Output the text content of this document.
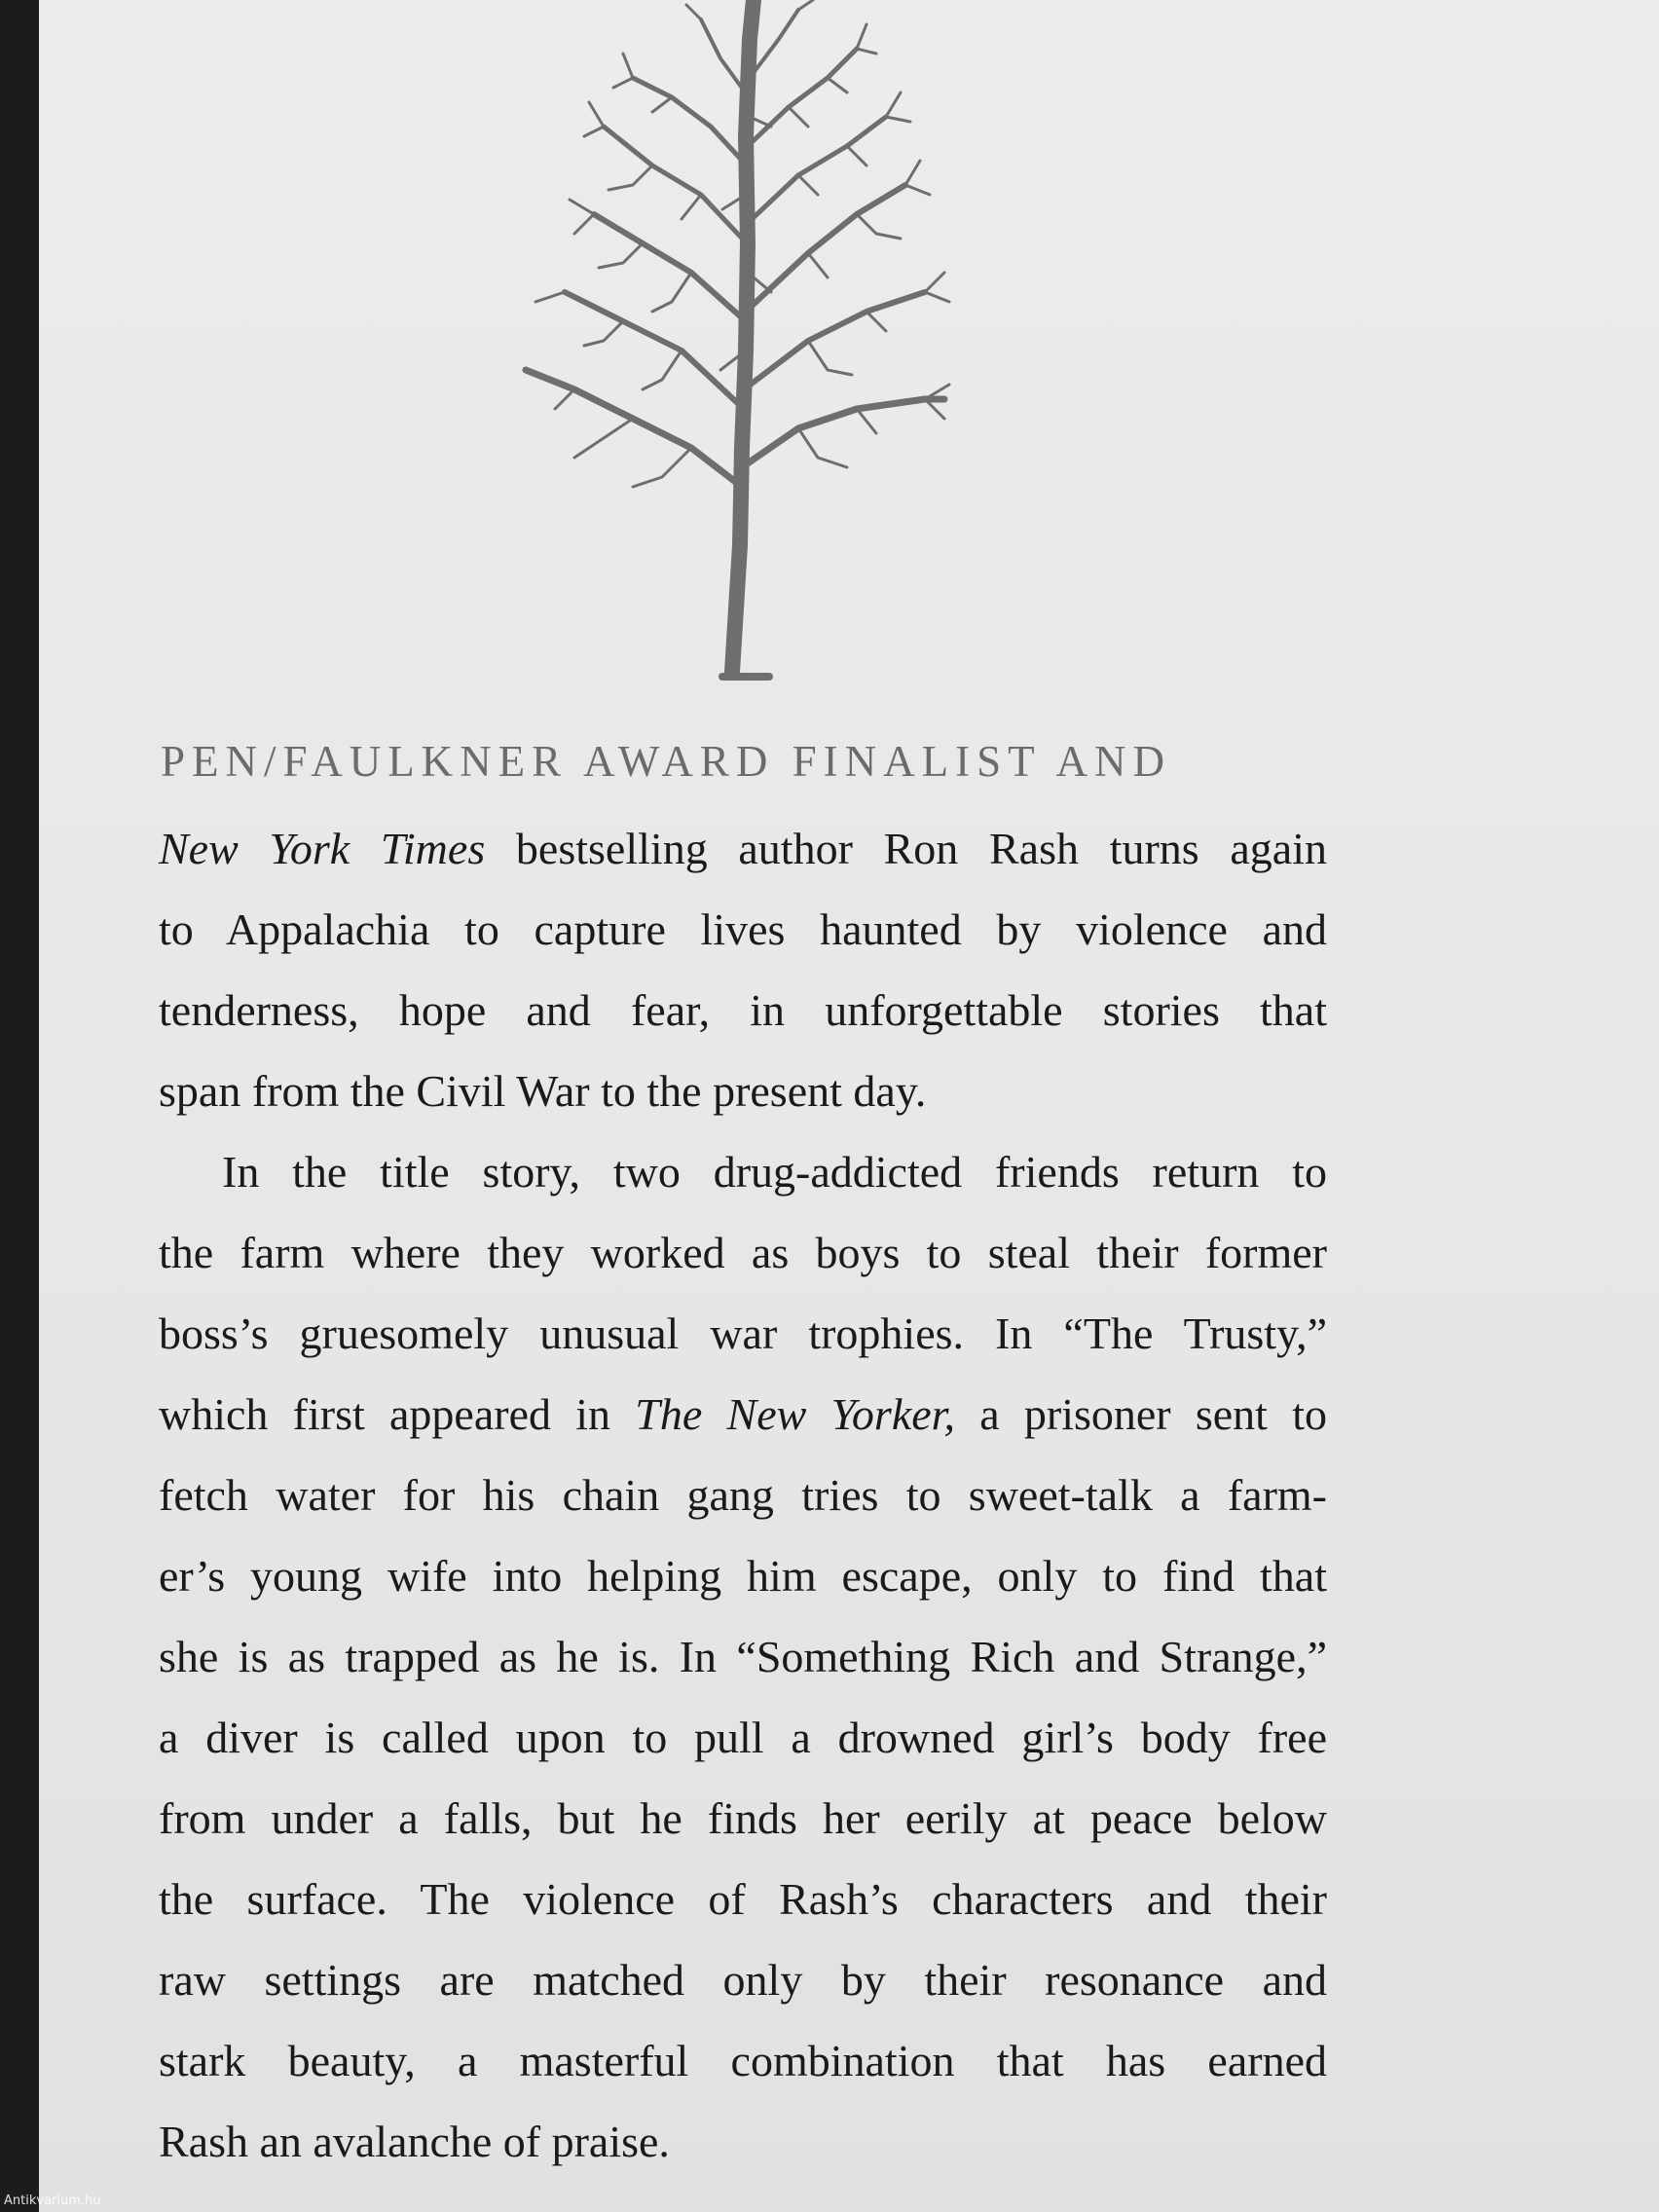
PEN/FAULKNER AWARD FINALIST AND
New York Times bestselling author Ron Rash turns again
to Appalachia to capture lives haunted by violence and
tenderness, hope and fear, in unforgettable stories that
span from the Civil War to the present day.
In the title story, two drug-addicted friends return to
the farm where they worked as boys to steal their former
boss’s gruesomely unusual war trophies. In “The Trusty,”
which first appeared in The New Yorker, a prisoner sent to
fetch water for his chain gang tries to sweet-talk a farm-
er’s young wife into helping him escape, only to find that
she is as trapped as he is. In “Something Rich and Strange,”
a diver is called upon to pull a drowned girl’s body free
from under a falls, but he finds her eerily at peace below
the surface. The violence of Rash’s characters and their
raw settings are matched only by their resonance and
stark beauty, a masterful combination that has earned
Rash an avalanche of praise.
Antikvarium.hu
